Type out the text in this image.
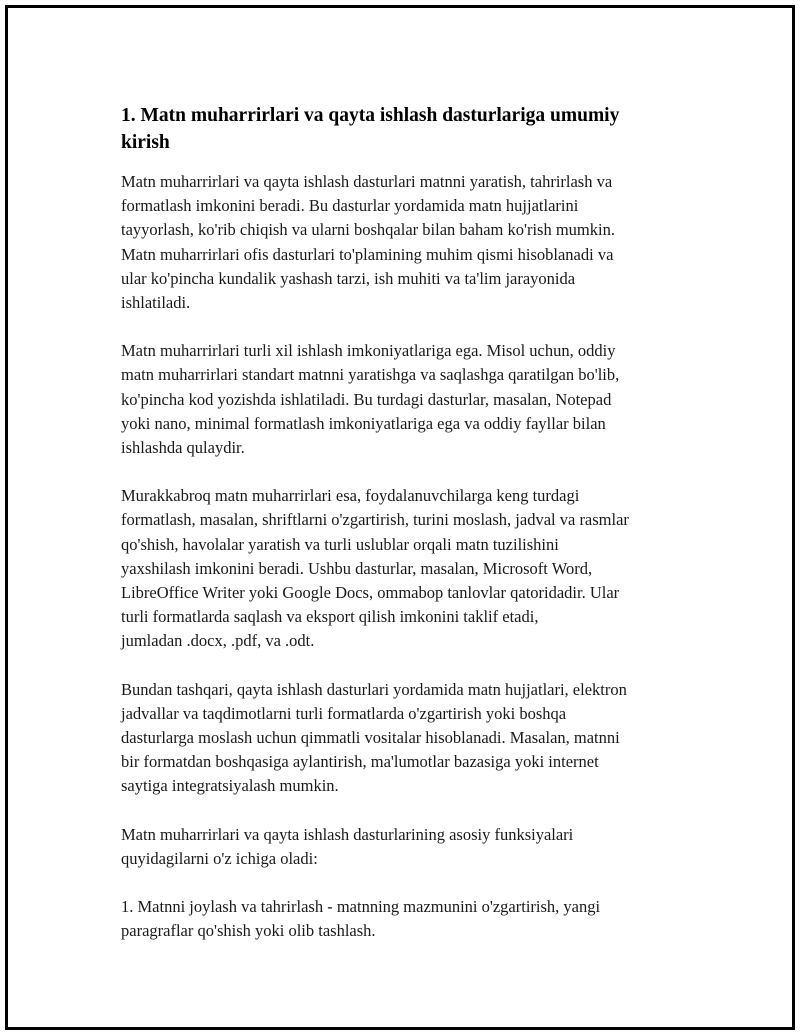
1. Matn muharrirlari va qayta ishlash dasturlariga umumiy
kirish

Matn muharrirlari va qayta ishlash dasturlari matnni yaratish, tahrirlash va
formatlash imkonini beradi. Bu dasturlar yordamida matn hujjatlarini
tayyorlash, ko'rib chiqish va ularni boshqalar bilan baham ko'rish mumkin.
Matn muharrirlari ofis dasturlari to'plamining muhim qismi hisoblanadi va
ular ko'pincha kundalik yashash tarzi, ish muhiti va ta'lim jarayonida
ishlatiladi.

Matn muharrirlari turli xil ishlash imkoniyatlariga ega. Misol uchun, oddiy
matn muharrirlari standart matnni yaratishga va saqlashga qaratilgan bo'lib,
ko'pincha kod yozishda ishlatiladi. Bu turdagi dasturlar, masalan, Notepad
yoki nano, minimal formatlash imkoniyatlariga ega va oddiy fayllar bilan
ishlashda qulaydir.

Murakkabroq matn muharrirlari esa, foydalanuvchilarga keng turdagi
formatlash, masalan, shriftlarni o'zgartirish, turini moslash, jadval va rasmlar
qo'shish, havolalar yaratish va turli uslublar orqali matn tuzilishini
yaxshilash imkonini beradi. Ushbu dasturlar, masalan, Microsoft Word,
LibreOffice Writer yoki Google Docs, ommabop tanlovlar qatoridadir. Ular
turli formatlarda saqlash va eksport qilish imkonini taklif etadi,
jumladan .docx, .pdf, va .odt.

Bundan tashqari, qayta ishlash dasturlari yordamida matn hujjatlari, elektron
jadvallar va taqdimotlarni turli formatlarda o'zgartirish yoki boshqa
dasturlarga moslash uchun qimmatli vositalar hisoblanadi. Masalan, matnni
bir formatdan boshqasiga aylantirish, ma'lumotlar bazasiga yoki internet
saytiga integratsiyalash mumkin.

Matn muharrirlari va qayta ishlash dasturlarining asosiy funksiyalari
quyidagilarni o'z ichiga oladi:

1. Matnni joylash va tahrirlash - matnning mazmunini o'zgartirish, yangi
paragraflar qo'shish yoki olib tashlash.
